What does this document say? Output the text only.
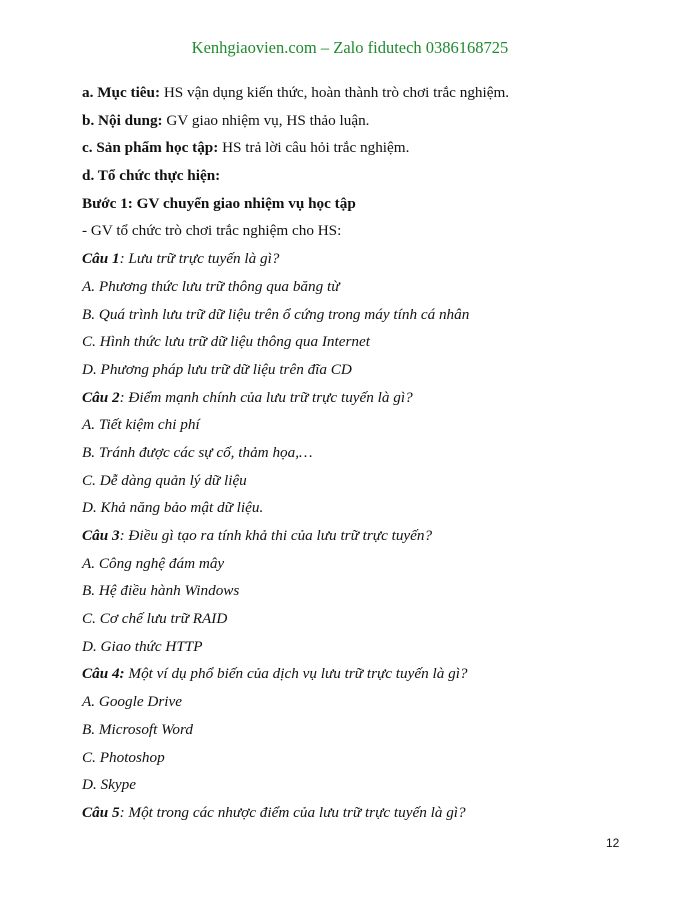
Kenhgiaovien.com – Zalo fidutech 0386168725
a. Mục tiêu: HS vận dụng kiến thức, hoàn thành trò chơi trắc nghiệm.
b. Nội dung: GV giao nhiệm vụ, HS thảo luận.
c. Sản phẩm học tập: HS trả lời câu hỏi trắc nghiệm.
d. Tổ chức thực hiện:
Bước 1: GV chuyển giao nhiệm vụ học tập
- GV tổ chức trò chơi trắc nghiệm cho HS:
Câu 1: Lưu trữ trực tuyến là gì?
A. Phương thức lưu trữ thông qua băng từ
B. Quá trình lưu trữ dữ liệu trên ổ cứng trong máy tính cá nhân
C. Hình thức lưu trữ dữ liệu thông qua Internet
D. Phương pháp lưu trữ dữ liệu trên đĩa CD
Câu 2: Điểm mạnh chính của lưu trữ trực tuyến là gì?
A. Tiết kiệm chi phí
B. Tránh được các sự cố, thảm họa,…
C. Dễ dàng quản lý dữ liệu
D. Khả năng bảo mật dữ liệu.
Câu 3: Điều gì tạo ra tính khả thi của lưu trữ trực tuyến?
A. Công nghệ đám mây
B. Hệ điều hành Windows
C. Cơ chế lưu trữ RAID
D. Giao thức HTTP
Câu 4: Một ví dụ phổ biến của dịch vụ lưu trữ trực tuyến là gì?
A. Google Drive
B. Microsoft Word
C. Photoshop
D. Skype
Câu 5: Một trong các nhược điểm của lưu trữ trực tuyến là gì?
12
